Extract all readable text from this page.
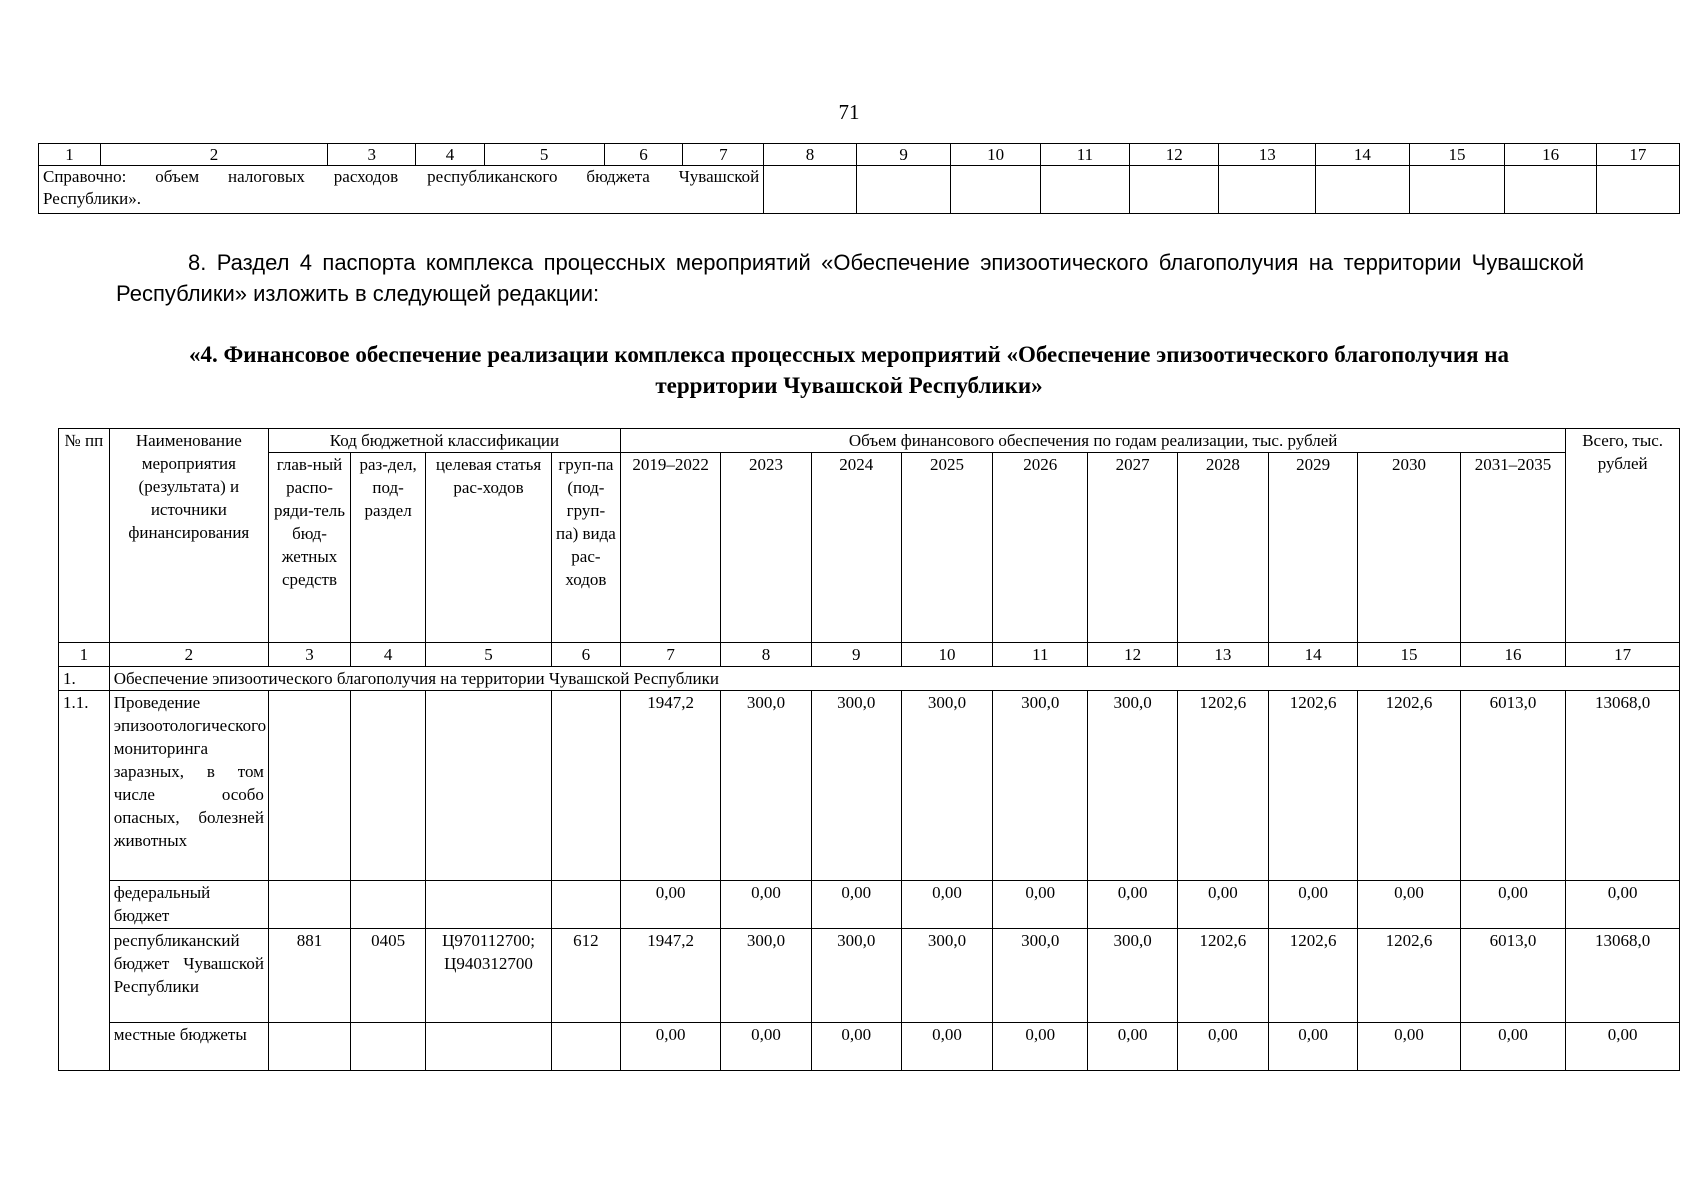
71
1	2	3	4	5	6	7	8	9	10	11	12	13	14	15	16	17

Справочно: объем налоговых расходов республиканского бюджета Чувашской
Республики».																

8. Раздел 4 паспорта комплекса процессных мероприятий «Обеспечение эпизоотического благополучия на территории Чувашской Республики» изложить в следующей редакции:
«4. Финансовое обеспечение реализации комплекса процессных мероприятий «Обеспечение эпизоотического благополучия на территории Чувашской Республики»
№ пп	Наименование мероприятия (результата) и источники финансирования	Код бюджетной классификации				Объем финансового обеспечения по годам реализации, тыс. рублей										Всего, тыс. рублей
		глав-ный распо-ряди-тель бюд-жетных средств	раз-дел, под-раздел	целевая статья рас-ходов	груп-па (под-груп-па) вида рас-ходов	2019–2022	2023	2024	2025	2026	2027	2028	2029	2030	2031–2035	
1	2	3	4	5	6	7	8	9	10	11	12	13	14	15	16	17
1.	Обеспечение эпизоотического благополучия на территории Чувашской Республики															
1.1.	Проведение эпизоотологического мониторинга заразных, в том числе особо опасных, болезней животных					1947,2	300,0	300,0	300,0	300,0	300,0	1202,6	1202,6	1202,6	6013,0	13068,0
	федеральный бюджет					0,00	0,00	0,00	0,00	0,00	0,00	0,00	0,00	0,00	0,00	0,00
	республиканский бюджет Чувашской Республики	881	0405	Ц970112700; Ц940312700	612	1947,2	300,0	300,0	300,0	300,0	300,0	1202,6	1202,6	1202,6	6013,0	13068,0
	местные бюджеты					0,00	0,00	0,00	0,00	0,00	0,00	0,00	0,00	0,00	0,00	0,00
